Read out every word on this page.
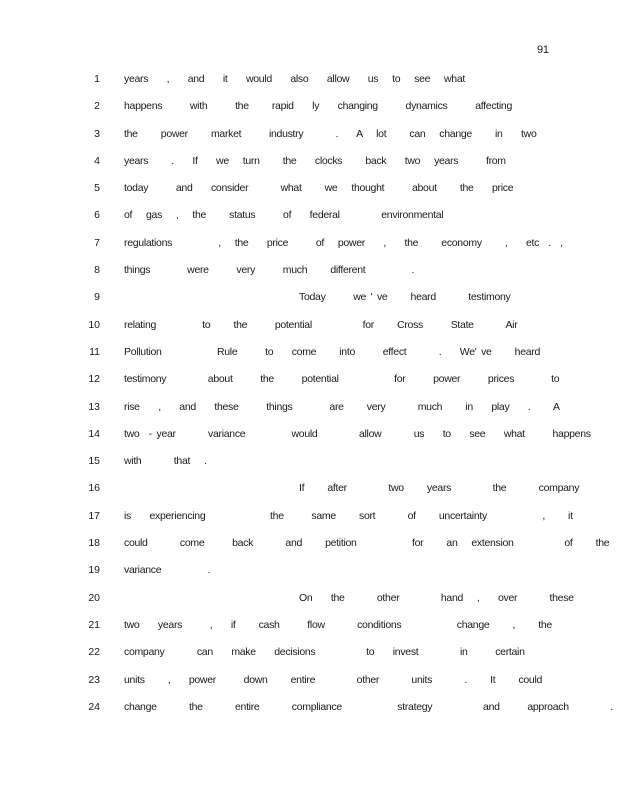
91
1 years    ,    and    it    would    also    allow    us   to   see   what
2 happens      with      the     rapid    ly    changing      dynamics      affecting
3 the     power     market      industry       .    A   lot     can   change     in    two
4 years     .    If    we   turn     the    clocks     back    two   years      from
5 today      and    consider       what     we   thought      about     the    price
6 of   gas   ,   the     status      of    federal         environmental
7 regulations          ,   the    price      of   power    ,    the     economy     ,    etc  .  ,
8 things        were      very      much     different          .
9	Today      we ' ve     heard       testimony
10 relating          to     the      potential           for     Cross      State       Air
11 Pollution            Rule      to    come     into      effect       .    We' ve     heard
12 testimony         about      the      potential            for      power      prices        to
13 rise    ,    and    these      things        are     very       much     in    play    .     A
14 two  - year       variance          would         allow       us    to    see    what      happens
15 with       that   .
16	If     after         two     years         the       company
17 is    experiencing              the      same     sort       of     uncertainty            ,     it
18 could       come      back       and     petition            for     an   extension           of     the
19 variance          .
20	On    the       other         hand   ,    over       these
21 two    years      ,    if     cash      flow       conditions            change     ,     the
22 company       can    make    decisions           to    invest         in      certain
23 units     ,    power      down     entire         other       units       .     It     could
24 change       the       entire       compliance            strategy           and      approach         .
